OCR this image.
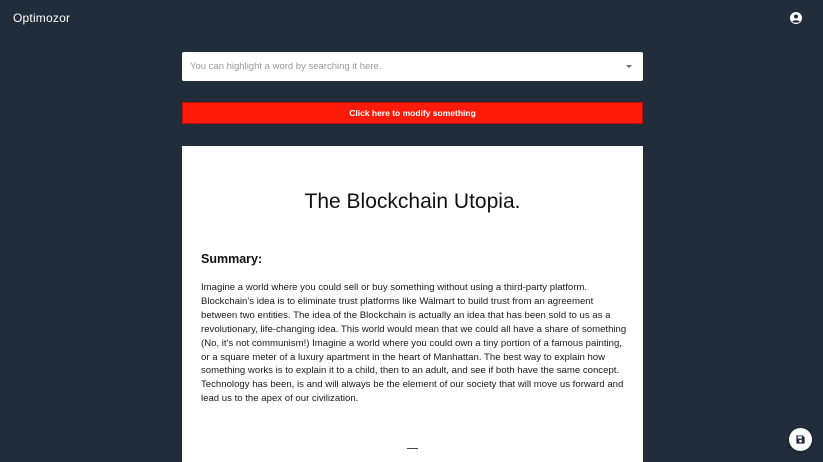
Optimozor
You can highlight a word by searching it here.
Click here to modify something
The Blockchain Utopia.
Summary:
Imagine a world where you could sell or buy something without using a third-party platform. Blockchain's idea is to eliminate trust platforms like Walmart to build trust from an agreement between two entities. The idea of the Blockchain is actually an idea that has been sold to us as a revolutionary, life-changing idea. This world would mean that we could all have a share of something (No, it's not communism!) Imagine a world where you could own a tiny portion of a famous painting, or a square meter of a luxury apartment in the heart of Manhattan. The best way to explain how something works is to explain it to a child, then to an adult, and see if both have the same concept. Technology has been, is and will always be the element of our society that will move us forward and lead us to the apex of our civilization.
